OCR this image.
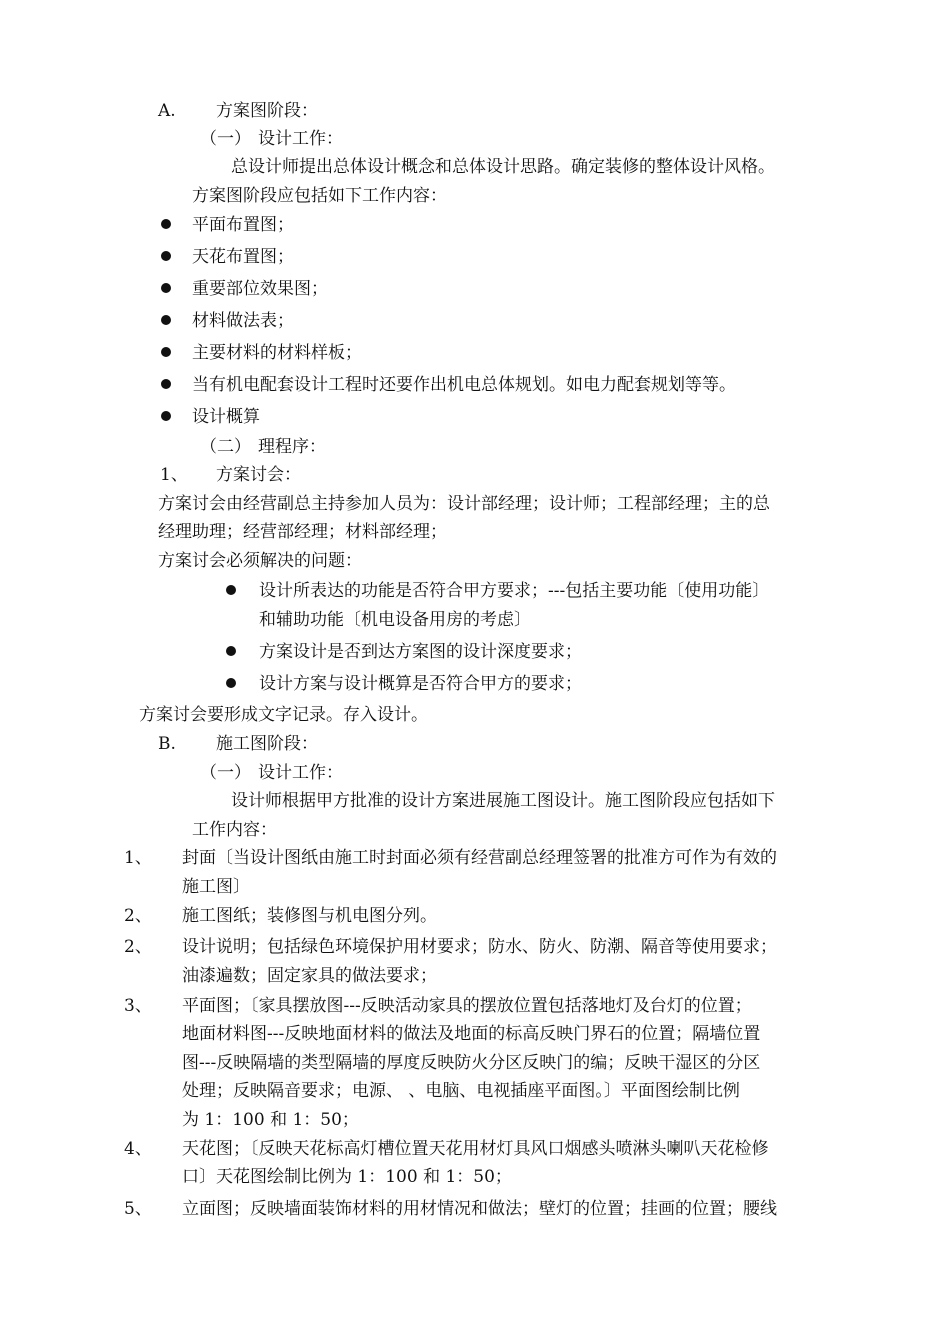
A. 方案图阶段：
（一） 设计工作：
总设计师提出总体设计概念和总体设计思路。确定装修的整体设计风格。
方案图阶段应包括如下工作内容：
平面布置图；
天花布置图；
重要部位效果图；
材料做法表；
主要材料的材料样板；
当有机电配套设计工程时还要作出机电总体规划。如电力配套规划等等。
设计概算
（二） 理程序：
1、 方案讨会：
方案讨会由经营副总主持参加人员为：设计部经理；设计师；工程部经理；主的总
经理助理；经营部经理；材料部经理；
方案讨会必须解决的问题：
设计所表达的功能是否符合甲方要求；---包括主要功能〔使用功能〕
和辅助功能〔机电设备用房的考虑〕
方案设计是否到达方案图的设计深度要求；
设计方案与设计概算是否符合甲方的要求；
方案讨会要形成文字记录。存入设计。
B. 施工图阶段：
（一） 设计工作：
设计师根据甲方批准的设计方案进展施工图设计。施工图阶段应包括如下
工作内容：
1、 封面〔当设计图纸由施工时封面必须有经营副总经理签署的批准方可作为有效的
施工图〕
2、 施工图纸；装修图与机电图分列。
2、 设计说明；包括绿色环境保护用材要求；防水、防火、防潮、隔音等使用要求；
油漆遍数；固定家具的做法要求；
3、 平面图；〔家具摆放图---反映活动家具的摆放位置包括落地灯及台灯的位置；
地面材料图---反映地面材料的做法及地面的标高反映门界石的位置；隔墙位置
图---反映隔墙的类型隔墙的厚度反映防火分区反映门的编；反映干湿区的分区
处理；反映隔音要求；电源、 、电脑、电视插座平面图。〕平面图绘制比例
为 1：100 和 1：50；
4、 天花图；〔反映天花标高灯槽位置天花用材灯具风口烟感头喷淋头喇叭天花检修
口〕天花图绘制比例为 1：100 和 1：50；
5、 立面图；反映墙面装饰材料的用材情况和做法；壁灯的位置；挂画的位置；腰线
